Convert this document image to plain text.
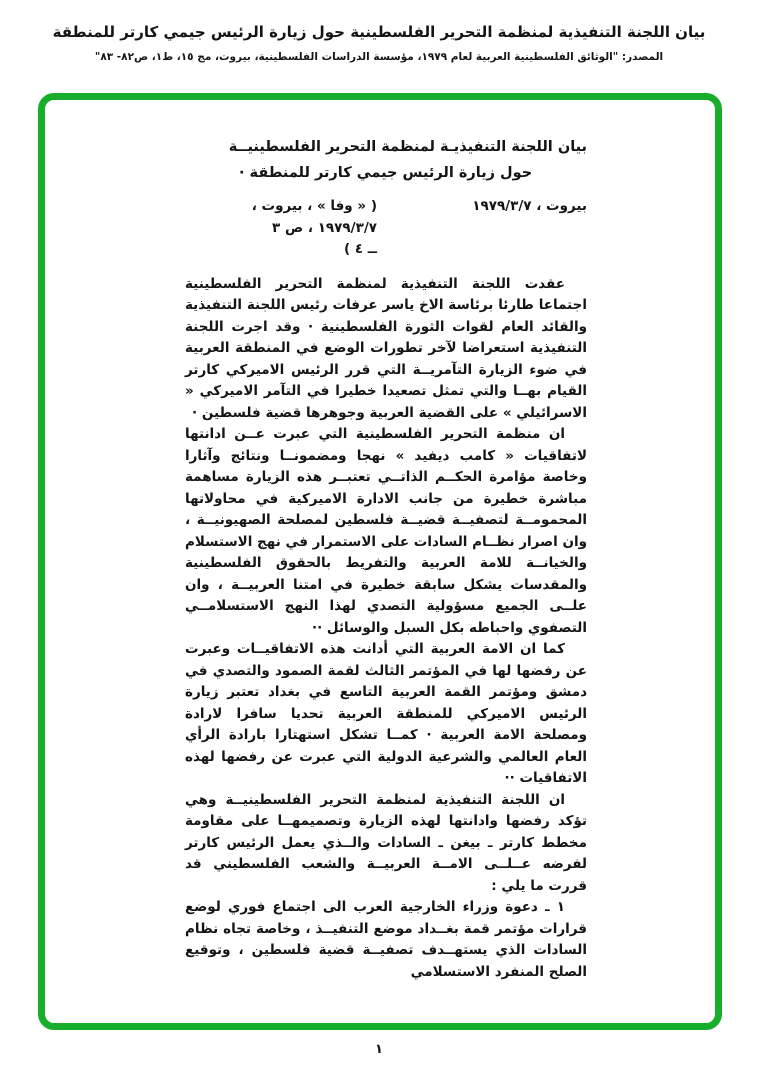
بيان اللجنة التنفيذية لمنظمة التحرير الفلسطينية حول زيارة الرئيس جيمي كارتر للمنطقة
المصدر: "الوثائق الفلسطينية العربية لعام ١٩٧٩، مؤسسة الدراسات الفلسطينية، بيروت، مج ١٥، ط١، ص٨٢- ٨٣"
بيان اللجنة التنفيذيـة لمنظمة التحرير الفلسطينيــة
حول زيارة الرئيس جيمي كارتر للمنطقة ·
بيروت ، ١٩٧٩/٣/٧
( « وفا » ، بيروت ،
١٩٧٩/٣/٧ ، ص ٣
ــ ٤ )

عقدت اللجنة التنفيذية لمنظمة التحرير الفلسطينية اجتماعا طارئا برئاسة الاخ ياسر عرفات رئيس اللجنة التنفيذية والقائد العام لقوات الثورة الفلسطينية · وقد اجرت اللجنة التنفيذية استعراضا لآخر تطورات الوضع في المنطقة العربية في ضوء الزيارة التآمريــة التي قرر الرئيس الاميركي كارتر القيام بهــا والتي تمثل تصعيدا خطيرا في التآمر الاميركي « الاسرائيلي » على القضية العربية وجوهرها قضية فلسطين ·

ان منظمة التحرير الفلسطينية التي عبرت عــن ادانتها لاتفاقيات « كامب ديفيد » نهجا ومضمونــا ونتائج وآثارا وخاصة مؤامرة الحكــم الذاتــي تعتبــر هذه الزيارة مساهمة مباشرة خطيرة من جانب الادارة الاميركية في محاولاتها المحمومــة لتصفيــة قضيــة فلسطين لمصلحة الصهيونيــة ، وان اصرار نظــام السادات على الاستمرار في نهج الاستسلام والخيانــة للامة العربية والتفريط بالحقوق الفلسطينية والمقدسات يشكل سابقة خطيرة في امتنا العربيــة ، وان علــى الجميع مسؤولية التصدي لهذا النهج الاستسلامــي التصفوي واحباطه بكل السبل والوسائل ··

كما ان الامة العربية التي أدانت هذه الاتفاقيــات وعبرت عن رفضها لها في المؤتمر الثالث لقمة الصمود والتصدي في دمشق ومؤتمر القمة العربية التاسع في بغداد تعتبر زيارة الرئيس الاميركي للمنطقة العربية تحديا سافرا لارادة ومصلحة الامة العربية · كمــا تشكل استهتارا بارادة الرأي العام العالمي والشرعية الدولية التي عبرت عن رفضها لهذه الاتفاقيات ··

ان اللجنة التنفيذية لمنظمة التحرير الفلسطينيــة وهي تؤكد رفضها وادانتها لهذه الزيارة وتصميمهــا على مقاومة مخطط كارتر ـ بيغن ـ السادات والــذي يعمل الرئيس كارتر لفرضه عــلــى الامــة العربيــة والشعب الفلسطيني قد قررت ما يلي :

١ ـ دعوة وزراء الخارجية العرب الى اجتماع فوري لوضع قرارات مؤتمر قمة بغــداد موضع التنفيــذ ، وخاصة تجاه نظام السادات الذي يستهــدف تصفيــة قضية فلسطين ، وتوقيع الصلح المنفرد الاستسلامي

١
